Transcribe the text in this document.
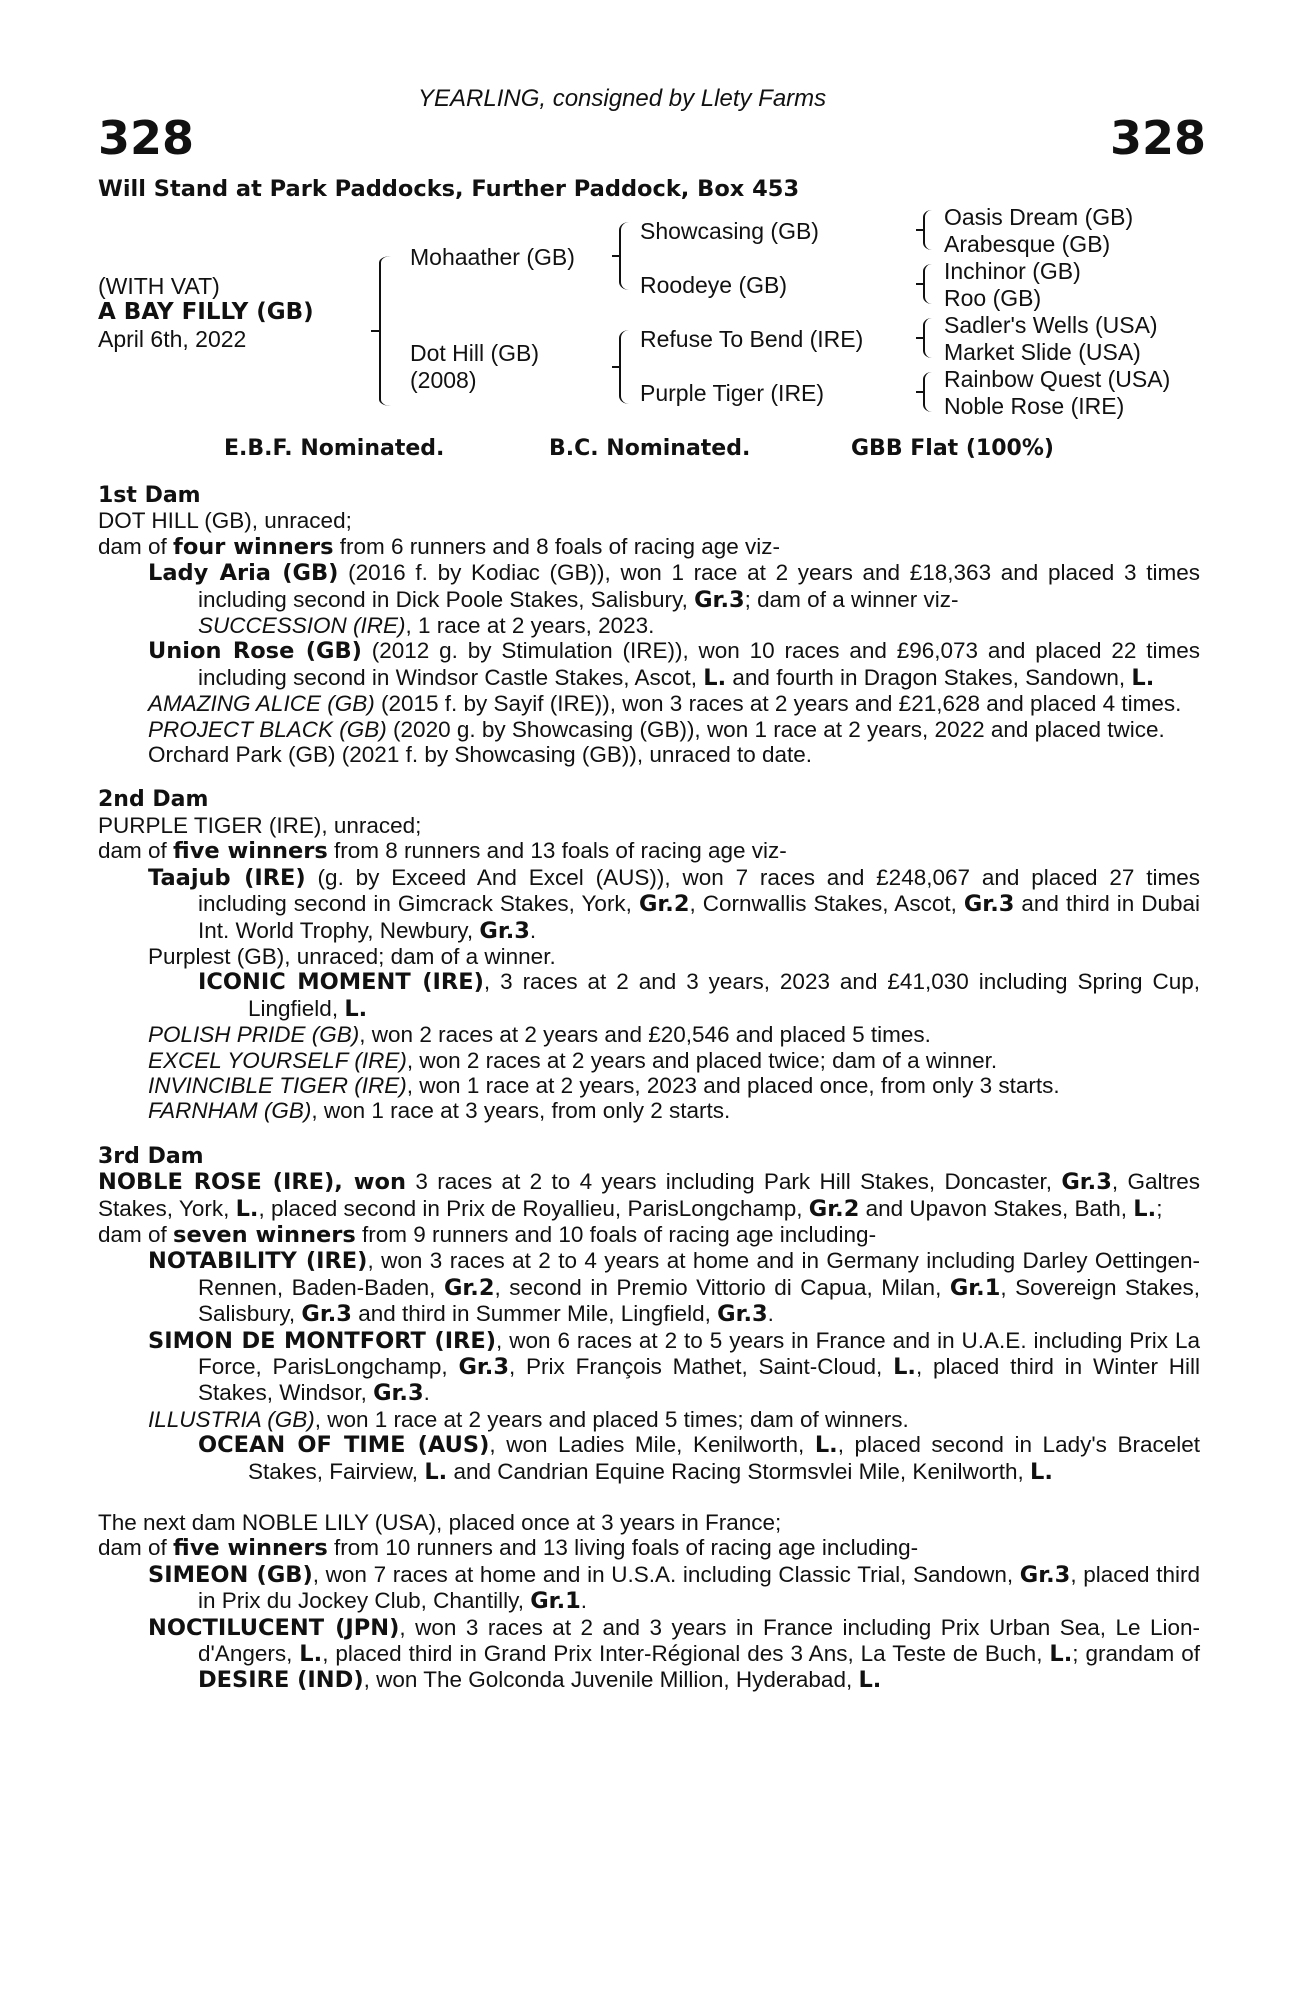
YEARLING, consigned by Llety Farms
328	328
Will Stand at Park Paddocks, Further Paddock, Box 453
(WITH VAT)
A BAY FILLY (GB)
April 6th, 2022
Mohaather (GB)
Dot Hill (GB)
(2008)
Showcasing (GB)
Roodeye (GB)
Refuse To Bend (IRE)
Purple Tiger (IRE)
Oasis Dream (GB)
Arabesque (GB)
Inchinor (GB)
Roo (GB)
Sadler's Wells (USA)
Market Slide (USA)
Rainbow Quest (USA)
Noble Rose (IRE)
E.B.F. Nominated.	B.C. Nominated.	GBB Flat (100%)
1st Dam
DOT HILL (GB), unraced;
dam of four winners from 6 runners and 8 foals of racing age viz-
Lady Aria (GB) (2016 f. by Kodiac (GB)), won 1 race at 2 years and £18,363 and placed 3 times including second in Dick Poole Stakes, Salisbury, Gr.3; dam of a winner viz-
SUCCESSION (IRE), 1 race at 2 years, 2023.
Union Rose (GB) (2012 g. by Stimulation (IRE)), won 10 races and £96,073 and placed 22 times including second in Windsor Castle Stakes, Ascot, L. and fourth in Dragon Stakes, Sandown, L.
AMAZING ALICE (GB) (2015 f. by Sayif (IRE)), won 3 races at 2 years and £21,628 and placed 4 times.
PROJECT BLACK (GB) (2020 g. by Showcasing (GB)), won 1 race at 2 years, 2022 and placed twice.
Orchard Park (GB) (2021 f. by Showcasing (GB)), unraced to date.
2nd Dam
PURPLE TIGER (IRE), unraced;
dam of five winners from 8 runners and 13 foals of racing age viz-
Taajub (IRE) (g. by Exceed And Excel (AUS)), won 7 races and £248,067 and placed 27 times including second in Gimcrack Stakes, York, Gr.2, Cornwallis Stakes, Ascot, Gr.3 and third in Dubai Int. World Trophy, Newbury, Gr.3.
Purplest (GB), unraced; dam of a winner.
ICONIC MOMENT (IRE), 3 races at 2 and 3 years, 2023 and £41,030 including Spring Cup, Lingfield, L.
POLISH PRIDE (GB), won 2 races at 2 years and £20,546 and placed 5 times.
EXCEL YOURSELF (IRE), won 2 races at 2 years and placed twice; dam of a winner.
INVINCIBLE TIGER (IRE), won 1 race at 2 years, 2023 and placed once, from only 3 starts.
FARNHAM (GB), won 1 race at 3 years, from only 2 starts.
3rd Dam
NOBLE ROSE (IRE), won 3 races at 2 to 4 years including Park Hill Stakes, Doncaster, Gr.3, Galtres Stakes, York, L., placed second in Prix de Royallieu, ParisLongchamp, Gr.2 and Upavon Stakes, Bath, L.;
dam of seven winners from 9 runners and 10 foals of racing age including-
NOTABILITY (IRE), won 3 races at 2 to 4 years at home and in Germany including Darley Oettingen-Rennen, Baden-Baden, Gr.2, second in Premio Vittorio di Capua, Milan, Gr.1, Sovereign Stakes, Salisbury, Gr.3 and third in Summer Mile, Lingfield, Gr.3.
SIMON DE MONTFORT (IRE), won 6 races at 2 to 5 years in France and in U.A.E. including Prix La Force, ParisLongchamp, Gr.3, Prix François Mathet, Saint-Cloud, L., placed third in Winter Hill Stakes, Windsor, Gr.3.
ILLUSTRIA (GB), won 1 race at 2 years and placed 5 times; dam of winners.
OCEAN OF TIME (AUS), won Ladies Mile, Kenilworth, L., placed second in Lady's Bracelet Stakes, Fairview, L. and Candrian Equine Racing Stormsvlei Mile, Kenilworth, L.
The next dam NOBLE LILY (USA), placed once at 3 years in France;
dam of five winners from 10 runners and 13 living foals of racing age including-
SIMEON (GB), won 7 races at home and in U.S.A. including Classic Trial, Sandown, Gr.3, placed third in Prix du Jockey Club, Chantilly, Gr.1.
NOCTILUCENT (JPN), won 3 races at 2 and 3 years in France including Prix Urban Sea, Le Lion-d'Angers, L., placed third in Grand Prix Inter-Régional des 3 Ans, La Teste de Buch, L.; grandam of DESIRE (IND), won The Golconda Juvenile Million, Hyderabad, L.
